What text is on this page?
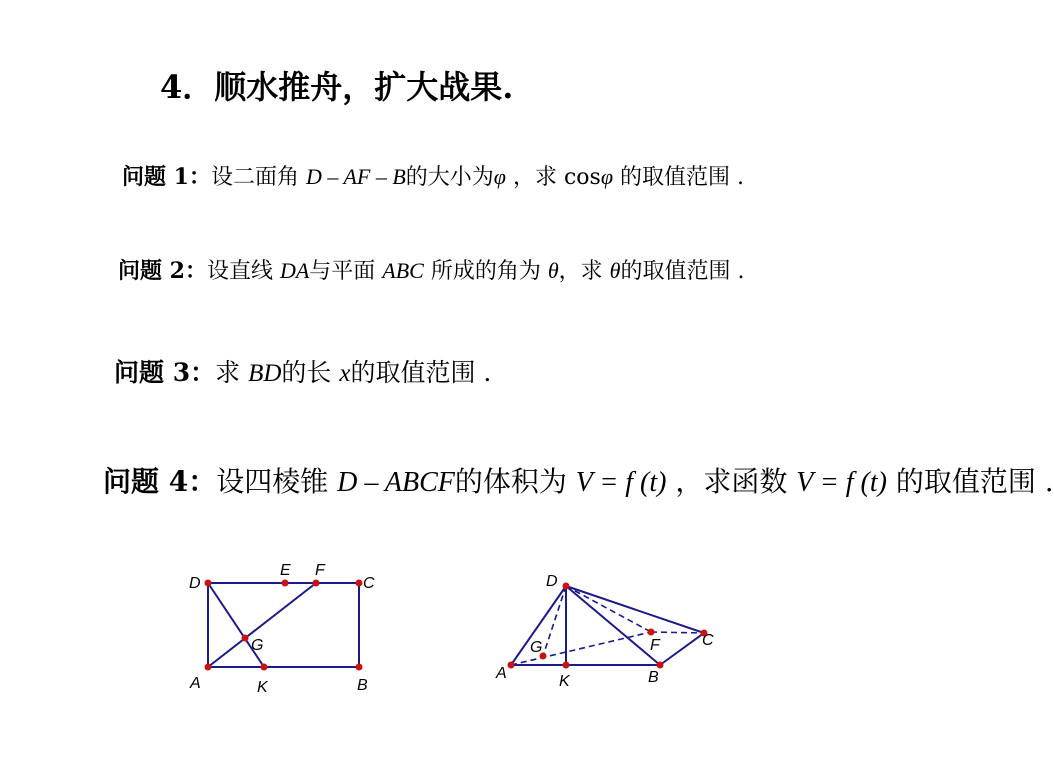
4．顺水推舟，扩大战果.
问题 1：设二面角 D – AF – B的大小为φ ，求 cosφ 的取值范围 .
问题 2：设直线 DA与平面 ABC 所成的角为 θ，求 θ的取值范围 .
问题 3：求 BD的长 x的取值范围 .
问题 4：设四棱锥 D – ABCF的体积为 V = f (t) ，求函数 V = f (t) 的取值范围 .
D
E F
C
G
A	K	B
D
G	F	C
A	K	B
